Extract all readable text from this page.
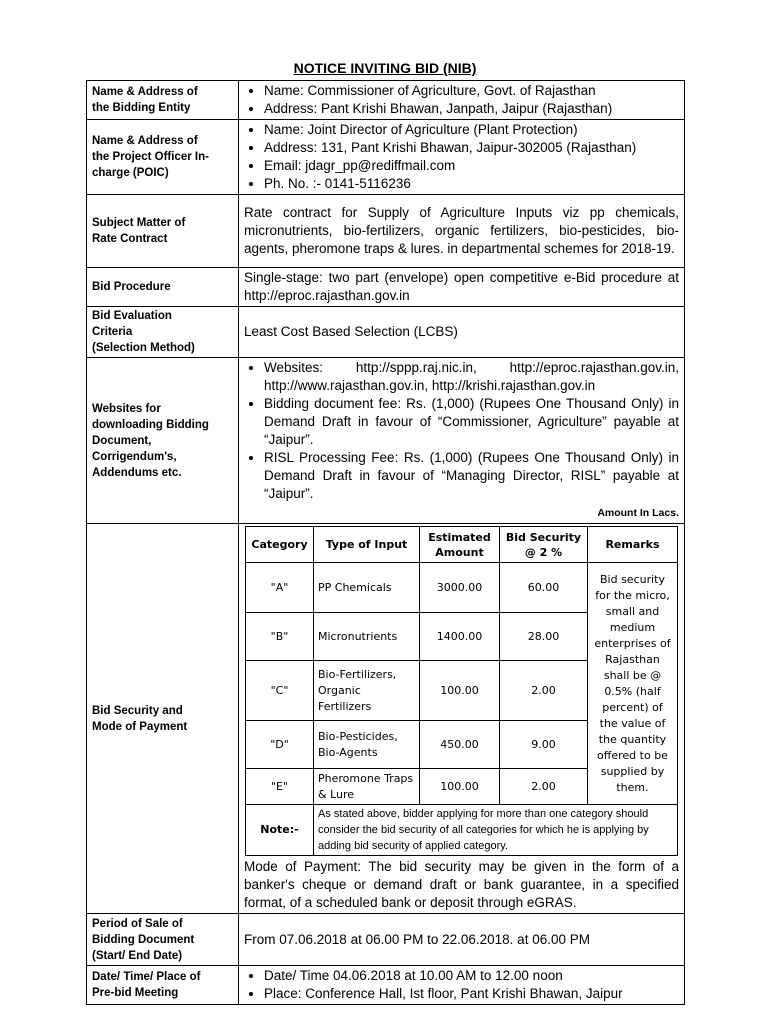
NOTICE INVITING BID (NIB)
Name & Address of
the Bidding Entity

• Name: Commissioner of Agriculture, Govt. of Rajasthan
• Address: Pant Krishi Bhawan, Janpath, Jaipur (Rajasthan)

Name & Address of
the Project Officer In-
charge (POIC)

• Name: Joint Director of Agriculture (Plant Protection)
• Address: 131, Pant Krishi Bhawan, Jaipur-302005 (Rajasthan)
• Email: jdagr_pp@rediffmail.com
• Ph. No. :- 0141-5116236

Subject Matter of
Rate Contract
	Rate contract for Supply of Agriculture Inputs viz pp chemicals, micronutrients, bio-fertilizers, organic fertilizers, bio-pesticides, bio-agents, pheromone traps & lures. in departmental schemes for 2018-19.

Bid Procedure
	Single-stage: two part (envelope) open competitive e-Bid procedure at http://eproc.rajasthan.gov.in

Bid Evaluation
Criteria
(Selection Method)
	Least Cost Based Selection (LCBS)

Websites for
downloading Bidding
Document,
Corrigendum's,
Addendums etc.

• Websites: http://sppp.raj.nic.in, http://eproc.rajasthan.gov.in, http://www.rajasthan.gov.in, http://krishi.rajasthan.gov.in
• Bidding document fee: Rs. (1,000) (Rupees One Thousand Only) in Demand Draft in favour of “Commissioner, Agriculture” payable at “Jaipur”.
• RISL Processing Fee: Rs. (1,000) (Rupees One Thousand Only) in Demand Draft in favour of “Managing Director, RISL” payable at “Jaipur”.
Amount In Lacs.

Bid Security and
Mode of Payment

Category	Type of Input	Estimated Amount	Bid Security @ 2 %	Remarks
"A"	PP Chemicals	3000.00	60.00	Bid security for the micro, small and medium enterprises of Rajasthan shall be @ 0.5% (half percent) of the value of the quantity offered to be supplied by them.
"B"	Micronutrients	1400.00	28.00
"C"	Bio-Fertilizers, Organic Fertilizers	100.00	2.00
"D"	Bio-Pesticides, Bio-Agents	450.00	9.00
"E"	Pheromone Traps & Lure	100.00	2.00
Note:-	As stated above, bidder applying for more than one category should consider the bid security of all categories for which he is applying by adding bid security of applied category.
Mode of Payment: The bid security may be given in the form of a banker's cheque or demand draft or bank guarantee, in a specified format, of a scheduled bank or deposit through eGRAS.

Period of Sale of
Bidding Document
(Start/ End Date)
	From 07.06.2018 at 06.00 PM to 22.06.2018. at 06.00 PM

Date/ Time/ Place of
Pre-bid Meeting

• Date/ Time 04.06.2018 at 10.00 AM to 12.00 noon
• Place: Conference Hall, Ist floor, Pant Krishi Bhawan, Jaipur
